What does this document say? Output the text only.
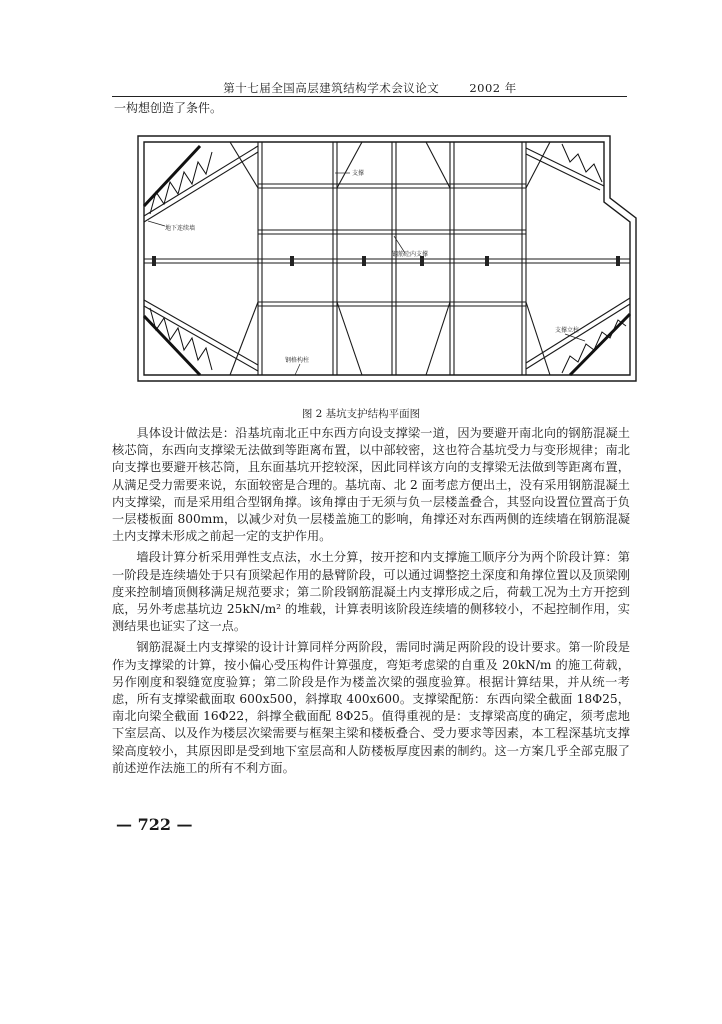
第十七届全国高层建筑结构学术会议论文	2002 年
一构想创造了条件。
支撑
地下连续墙
钢筋砼内支撑
钢格构柱
支撑立柱
图 2 基坑支护结构平面图

具体设计做法是：沿基坑南北正中东西方向设支撑梁一道，因为要避开南北向的钢筋混凝土核芯筒，东西向支撑梁无法做到等距离布置，以中部较密，这也符合基坑受力与变形规律；南北向支撑也要避开核芯筒，且东面基坑开挖较深，因此同样该方向的支撑梁无法做到等距离布置，从满足受力需要来说，东面较密是合理的。基坑南、北 2 面考虑方便出土，没有采用钢筋混凝土内支撑梁，而是采用组合型钢角撑。该角撑由于无须与负一层楼盖叠合，其竖向设置位置高于负一层楼板面 800mm，以减少对负一层楼盖施工的影响，角撑还对东西两侧的连续墙在钢筋混凝土内支撑未形成之前起一定的支护作用。

墙段计算分析采用弹性支点法，水土分算，按开挖和内支撑施工顺序分为两个阶段计算：第一阶段是连续墙处于只有顶梁起作用的悬臂阶段，可以通过调整挖土深度和角撑位置以及顶梁刚度来控制墙顶侧移满足规范要求；第二阶段钢筋混凝土内支撑形成之后，荷载工况为土方开挖到底，另外考虑基坑边 25kN/m² 的堆载，计算表明该阶段连续墙的侧移较小，不起控制作用，实测结果也证实了这一点。

钢筋混凝土内支撑梁的设计计算同样分两阶段，需同时满足两阶段的设计要求。第一阶段是作为支撑梁的计算，按小偏心受压构件计算强度，弯矩考虑梁的自重及 20kN/m 的施工荷载，另作刚度和裂缝宽度验算；第二阶段是作为楼盖次梁的强度验算。根据计算结果，并从统一考虑，所有支撑梁截面取 600x500，斜撑取 400x600。支撑梁配筋：东西向梁全截面 18Φ25，南北向梁全截面 16Φ22，斜撑全截面配 8Φ25。值得重视的是：支撑梁高度的确定，须考虑地下室层高、以及作为楼层次梁需要与框架主梁和楼板叠合、受力要求等因素，本工程深基坑支撑梁高度较小，其原因即是受到地下室层高和人防楼板厚度因素的制约。这一方案几乎全部克服了前述逆作法施工的所有不利方面。

— 722 —
